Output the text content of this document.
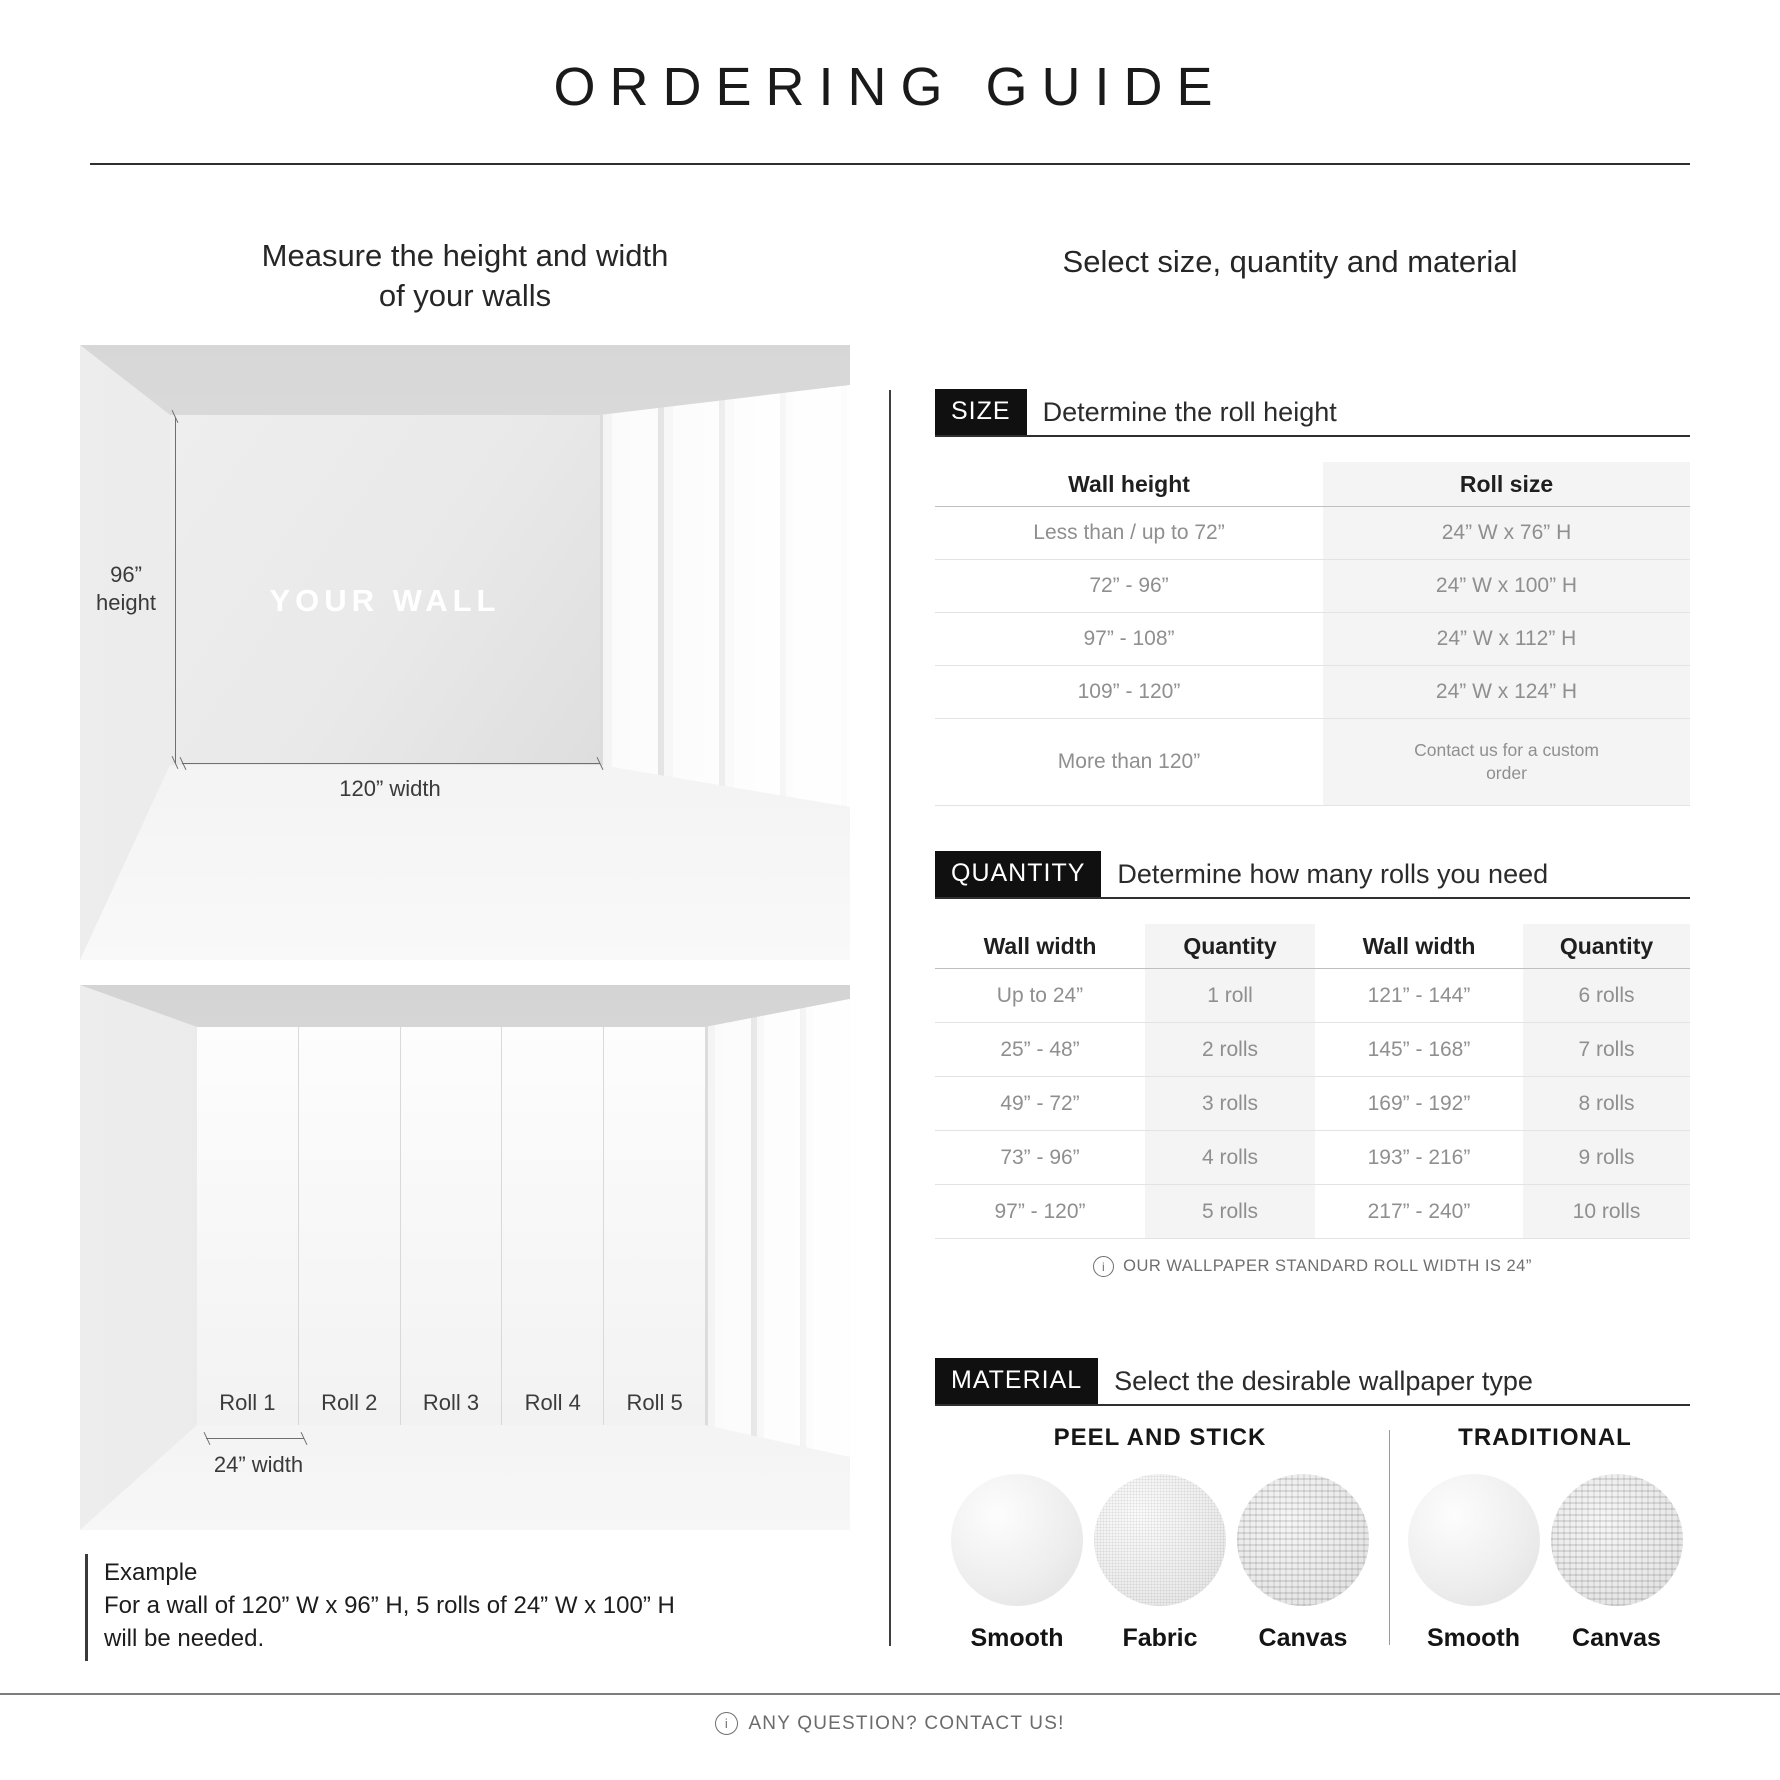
ORDERING GUIDE
Measure the height and width
of your walls
Select size, quantity and material
YOUR WALL
96”
height
120” width
Roll 1 Roll 2 Roll 3 Roll 4 Roll 5
24” width
Example
For a wall of 120” W x 96” H, 5 rolls of 24” W x 100” H
will be needed.
SIZE	Determine the roll height
Wall height	Roll size
Less than / up to 72”	24” W x 76” H
72” - 96”	24” W x 100” H
97” - 108”	24” W x 112” H
109” - 120”	24” W x 124” H
More than 120”	Contact us for a custom order
QUANTITY	Determine how many rolls you need
Wall width	Quantity	Wall width	Quantity
Up to 24”	1 roll	121” - 144”	6 rolls
25” - 48”	2 rolls	145” - 168”	7 rolls
49” - 72”	3 rolls	169” - 192”	8 rolls
73” - 96”	4 rolls	193” - 216”	9 rolls
97” - 120”	5 rolls	217” - 240”	10 rolls
i	OUR WALLPAPER STANDARD ROLL WIDTH IS 24”
MATERIAL	Select the desirable wallpaper type
PEEL AND STICK
Smooth Fabric Canvas
TRADITIONAL
Smooth Canvas
i	ANY QUESTION? CONTACT US!
